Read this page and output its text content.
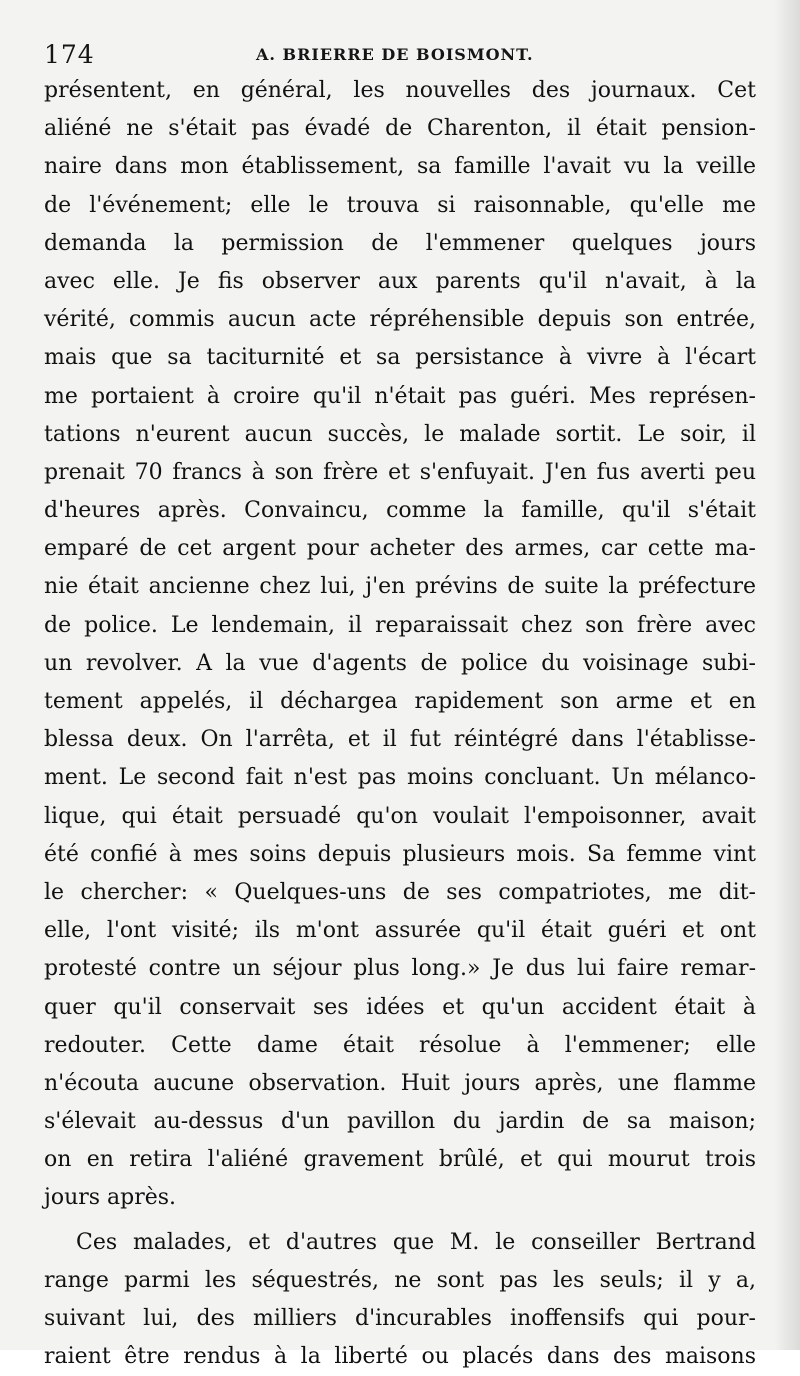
174	A. BRIERRE DE BOISMONT.
présentent, en général, les nouvelles des journaux. Cet
aliéné ne s'était pas évadé de Charenton, il était pension-
naire dans mon établissement, sa famille l'avait vu la veille
de l'événement; elle le trouva si raisonnable, qu'elle me
demanda la permission de l'emmener quelques jours
avec elle. Je fis observer aux parents qu'il n'avait, à la
vérité, commis aucun acte répréhensible depuis son entrée,
mais que sa taciturnité et sa persistance à vivre à l'écart
me portaient à croire qu'il n'était pas guéri. Mes représen-
tations n'eurent aucun succès, le malade sortit. Le soir, il
prenait 70 francs à son frère et s'enfuyait. J'en fus averti peu
d'heures après. Convaincu, comme la famille, qu'il s'était
emparé de cet argent pour acheter des armes, car cette ma-
nie était ancienne chez lui, j'en prévins de suite la préfecture
de police. Le lendemain, il reparaissait chez son frère avec
un revolver. A la vue d'agents de police du voisinage subi-
tement appelés, il déchargea rapidement son arme et en
blessa deux. On l'arrêta, et il fut réintégré dans l'établisse-
ment. Le second fait n'est pas moins concluant. Un mélanco-
lique, qui était persuadé qu'on voulait l'empoisonner, avait
été confié à mes soins depuis plusieurs mois. Sa femme vint
le chercher: « Quelques-uns de ses compatriotes, me dit-
elle, l'ont visité; ils m'ont assurée qu'il était guéri et ont
protesté contre un séjour plus long.» Je dus lui faire remar-
quer qu'il conservait ses idées et qu'un accident était à
redouter. Cette dame était résolue à l'emmener; elle
n'écouta aucune observation. Huit jours après, une flamme
s'élevait au-dessus d'un pavillon du jardin de sa maison;
on en retira l'aliéné gravement brûlé, et qui mourut trois
jours après.
Ces malades, et d'autres que M. le conseiller Bertrand
range parmi les séquestrés, ne sont pas les seuls; il y a,
suivant lui, des milliers d'incurables inoffensifs qui pour-
raient être rendus à la liberté ou placés dans des maisons
